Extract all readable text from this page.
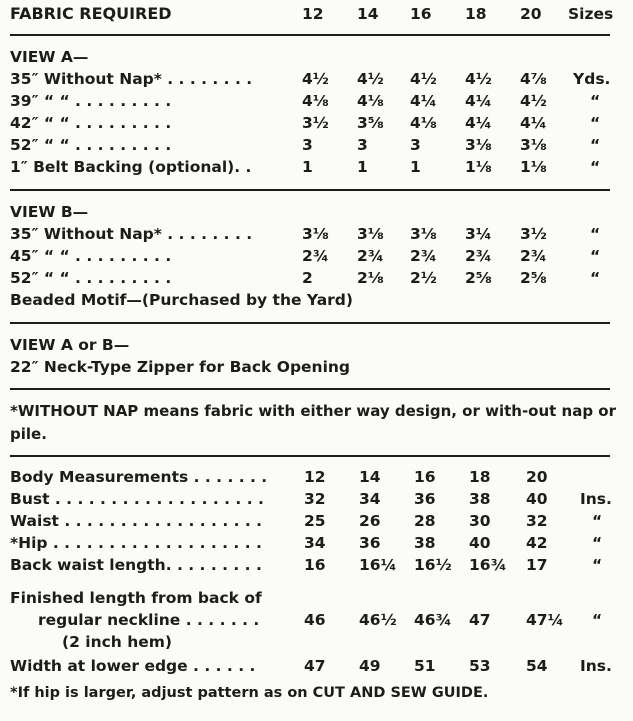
FABRIC REQUIRED	12 14 16 18 20 Sizes
VIEW A—
35″ Without Nap* . . . . . . . .	4½ 4½ 4½ 4½ 4⅞ Yds.
39″ “ “ . . . . . . . . .	4⅛ 4⅛ 4¼ 4¼ 4½	“
42″ “ “ . . . . . . . . .	3½ 3⅝ 4⅛ 4¼ 4¼	“
52″ “ “ . . . . . . . . .	3	3	3	3⅛ 3⅛	“
1″ Belt Backing (optional). .	1	1	1	1⅛ 1⅛	“
VIEW B—
35″ Without Nap* . . . . . . . .	3⅛ 3⅛ 3⅛ 3¼ 3½	“
45″ “ “ . . . . . . . . .	2¾ 2¾ 2¾ 2¾ 2¾	“
52″ “ “ . . . . . . . . .	2	2⅛ 2½ 2⅝ 2⅝	“
Beaded Motif—(Purchased by the Yard)
VIEW A or B—
22″ Neck-Type Zipper for Back Opening
*WITHOUT NAP means fabric with either way design, or with-out nap or pile.
Body Measurements . . . . . . . 12 14 16 18 20
Bust . . . . . . . . . . . . . . . . . . .	32 34 36 38 40 Ins.
Waist . . . . . . . . . . . . . . . . . .	25 26 28 30 32	“
*Hip . . . . . . . . . . . . . . . . . . .	34 36 38 40 42	“
Back waist length. . . . . . . . .	16 16¼ 16½ 16¾ 17	“
Finished length from back of
regular neckline . . . . . . .	46 46½ 46¾ 47 47¼ “
(2 inch hem)
Width at lower edge . . . . . .	47 49 51 53 54 Ins.
*If hip is larger, adjust pattern as on CUT AND SEW GUIDE.
